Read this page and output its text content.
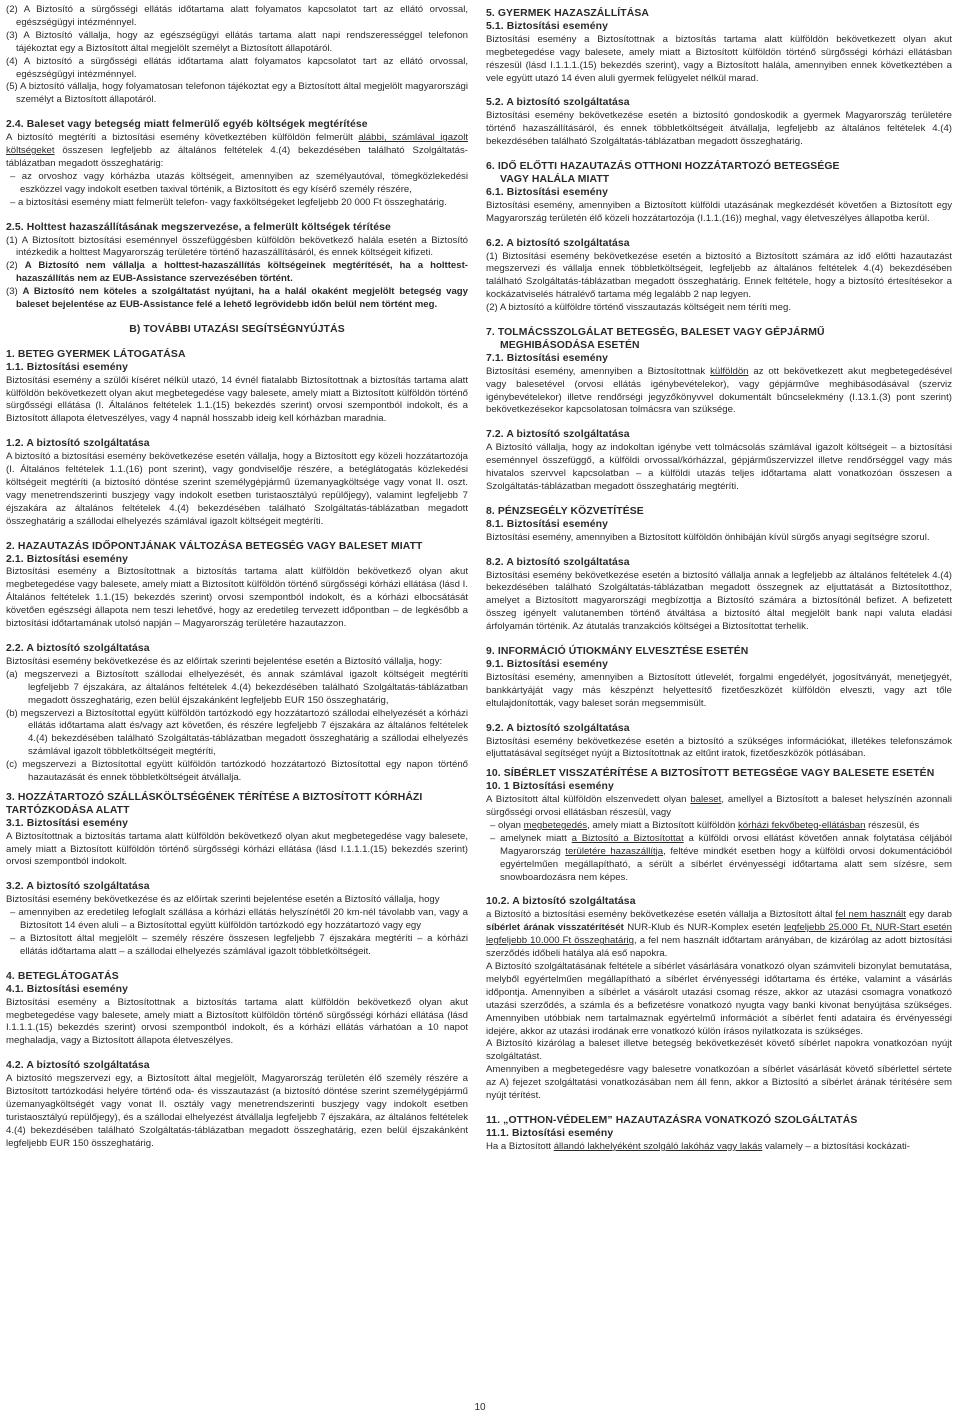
(2) A Biztosító a sürgősségi ellátás időtartama alatt folyamatos kapcsolatot tart az ellátó orvossal, egészségügyi intézménnyel.

(3) A Biztosító vállalja, hogy az egészségügyi ellátás tartama alatt napi rendszerességgel telefonon tájékoztat egy a Biztosított által megjelölt személyt a Biztosított állapotáról.

(4) A biztosító a sürgősségi ellátás időtartama alatt folyamatos kapcsolatot tart az ellátó orvossal, egészségügyi intézménnyel.

(5) A biztosító vállalja, hogy folyamatosan telefonon tájékoztat egy a Biztosított által megjelölt magyarországi személyt a Biztosított állapotáról.

2.4. Baleset vagy betegség miatt felmerülő egyéb költségek megtérítése

A biztosító megtéríti a biztosítási esemény következtében külföldön felmerült alábbi, számlával igazolt költségeket összesen legfeljebb az általános feltételek 4.(4) bekezdésében található Szolgáltatás-táblázatban megadott összeghatárig:

– az orvoshoz vagy kórházba utazás költségeit, amennyiben az személyautóval, tömegközlekedési eszközzel vagy indokolt esetben taxival történik, a Biztosított és egy kísérő személy részére,

– a biztosítási esemény miatt felmerült telefon- vagy faxköltségeket legfeljebb 20 000 Ft összeghatárig.

2.5. Holttest hazaszállításának megszervezése, a felmerült költségek térítése

(1) A Biztosított biztosítási eseménnyel összefüggésben külföldön bekövetkező halála esetén a Biztosító intézkedik a holttest Magyarország területére történő hazaszállításáról, és ennek költségeit kifizeti.

(2) A Biztosító nem vállalja a holttest-hazaszállítás költségeinek megtérítését, ha a holttest-hazaszállítás nem az EUB-Assistance szervezésében történt.

(3) A Biztosító nem köteles a szolgáltatást nyújtani, ha a halál okaként megjelölt betegség vagy baleset bejelentése az EUB-Assistance felé a lehető legrövidebb időn belül nem történt meg.

B) TOVÁBBI UTAZÁSI SEGÍTSÉGNYÚJTÁS

1. BETEG GYERMEK LÁTOGATÁSA

1.1. Biztosítási esemény

Biztosítási esemény a szülői kíséret nélkül utazó, 14 évnél fiatalabb Biztosítottnak a biztosítás tartama alatt külföldön bekövetkezett olyan akut megbetegedése vagy balesete, amely miatt a Biztosított külföldön történő sürgősségi ellátása (I. Általános feltételek 1.1.(15) bekezdés szerint) orvosi szempontból indokolt, és a Biztosított állapota életveszélyes, vagy 4 napnál hosszabb ideig kell kórházban maradnia.

1.2. A biztosító szolgáltatása

A biztosító a biztosítási esemény bekövetkezése esetén vállalja, hogy a Biztosított egy közeli hozzátartozója (I. Általános feltételek 1.1.(16) pont szerint), vagy gondviselője részére, a betéglátogatás közlekedési költségeit megtéríti (a biztosító döntése szerint személygépjármű üzemanyagköltsége vagy vonat II. oszt. vagy menetrendszerinti buszjegy vagy indokolt esetben turistaosztályú repülőjegy), valamint legfeljebb 7 éjszakára az általános feltételek 4.(4) bekezdésében található Szolgáltatás-táblázatban megadott összeghatárig a szállodai elhelyezés számlával igazolt költségeit megtéríti.

2. HAZAUTAZÁS IDŐPONTJÁNAK VÁLTOZÁSA BETEGSÉG VAGY BALESET MIATT

2.1. Biztosítási esemény

Biztosítási esemény a Biztosítottnak a biztosítás tartama alatt külföldön bekövetkező olyan akut megbetegedése vagy balesete, amely miatt a Biztosított külföldön történő sürgősségi kórházi ellátása (lásd I. Általános feltételek 1.1.(15) bekezdés szerint) orvosi szempontból indokolt, és a kórházi elbocsátását követően egészségi állapota nem teszi lehetővé, hogy az eredetileg tervezett időpontban – de legkésőbb a biztosítási időtartamának utolsó napján – Magyarország területére hazautazzon.

2.2. A biztosító szolgáltatása

Biztosítási esemény bekövetkezése és az előírtak szerinti bejelentése esetén a Biztosító vállalja, hogy:

(a) megszervezi a Biztosított szállodai elhelyezését, és annak számlával igazolt költségeit megtéríti legfeljebb 7 éjszakára, az általános feltételek 4.(4) bekezdésében található Szolgáltatás-táblázatban megadott összeghatárig, ezen belül éjszakánként legfeljebb EUR 150 összeghatárig,

(b) megszervezi a Biztosítottal együtt külföldön tartózkodó egy hozzátartozó szállodai elhelyezését a kórházi ellátás időtartama alatt és/vagy azt követően, és részére legfeljebb 7 éjszakára az általános feltételek 4.(4) bekezdésében található Szolgáltatás-táblázatban megadott összeghatárig a szállodai elhelyezés számlával igazolt többletköltségeit megtéríti,

(c) megszervezi a Biztosítottal együtt külföldön tartózkodó hozzátartozó Biztosítottal egy napon történő hazautazását és ennek többletköltségeit átvállalja.

3. HOZZÁTARTOZÓ SZÁLLÁSKÖLTSÉGÉNEK TÉRÍTÉSE A BIZTOSÍTOTT KÓRHÁZI

TARTÓZKODÁSA ALATT

3.1. Biztosítási esemény

A Biztosítottnak a biztosítás tartama alatt külföldön bekövetkező olyan akut megbetegedése vagy balesete, amely miatt a Biztosított külföldön történő sürgősségi kórházi ellátása (lásd I.1.1.1.(15) bekezdés szerint) orvosi szempontból indokolt.

3.2. A biztosító szolgáltatása

Biztosítási esemény bekövetkezése és az előírtak szerinti bejelentése esetén a Biztosító vállalja, hogy

– amennyiben az eredetileg lefoglalt szállása a kórházi ellátás helyszínétől 20 km-nél távolabb van, vagy a Biztosított 14 éven aluli – a Biztosítottal együtt külföldön tartózkodó egy hozzátartozó vagy egy

– a Biztosított által megjelölt – személy részére összesen legfeljebb 7 éjszakára megtéríti – a kórházi ellátás időtartama alatt – a szállodai elhelyezés számlával igazolt többletköltségeit.

4. BETEGLÁTOGATÁS

4.1. Biztosítási esemény

Biztosítási esemény a Biztosítottnak a biztosítás tartama alatt külföldön bekövetkező olyan akut megbetegedése vagy balesete, amely miatt a Biztosított külföldön történő sürgősségi kórházi ellátása (lásd I.1.1.1.(15) bekezdés szerint) orvosi szempontból indokolt, és a kórházi ellátás várhatóan a 10 napot meghaladja, vagy a Biztosított állapota életveszélyes.

4.2. A biztosító szolgáltatása

A biztosító megszervezi egy, a Biztosított által megjelölt, Magyarország területén élő személy részére a Biztosított tartózkodási helyére történő oda- és visszautazást (a biztosító döntése szerint személygépjármű üzemanyagköltségét vagy vonat II. osztály vagy menetrendszerinti buszjegy vagy indokolt esetben turistaosztályú repülőjegy), és a szállodai elhelyezést átvállalja legfeljebb 7 éjszakára, az általános feltételek 4.(4) bekezdésében található Szolgáltatás-táblázatban megadott összeghatárig, ezen belül éjszakánként legfeljebb EUR 150 összeghatárig.

5. GYERMEK HAZASZÁLLÍTÁSA

5.1. Biztosítási esemény

Biztosítási esemény a Biztosítottnak a biztosítás tartama alatt külföldön bekövetkezett olyan akut megbetegedése vagy balesete, amely miatt a Biztosított külföldön történő sürgősségi kórházi ellátásban részesül (lásd I.1.1.1.(15) bekezdés szerint), vagy a Biztosított halála, amennyiben ennek következtében a vele együtt utazó 14 éven aluli gyermek felügyelet nélkül marad.

5.2. A biztosító szolgáltatása

Biztosítási esemény bekövetkezése esetén a biztosító gondoskodik a gyermek Magyarország területére történő hazaszállításáról, és ennek többletköltségeit átvállalja, legfeljebb az általános feltételek 4.(4) bekezdésében található Szolgáltatás-táblázatban megadott összeghatárig.

6. IDŐ ELŐTTI HAZAUTAZÁS OTTHONI HOZZÁTARTOZÓ BETEGSÉGE

VAGY HALÁLA MIATT

6.1. Biztosítási esemény

Biztosítási esemény, amennyiben a Biztosított külföldi utazásának megkezdését követően a Biztosított egy Magyarország területén élő közeli hozzátartozója (I.1.1.(16)) meghal, vagy életveszélyes állapotba kerül.

6.2. A biztosító szolgáltatása

(1) Biztosítási esemény bekövetkezése esetén a biztosító a Biztosított számára az idő előtti hazautazást megszervezi és vállalja ennek többletköltségeit, legfeljebb az általános feltételek 4.(4) bekezdésében található Szolgáltatás-táblázatban megadott összeghatárig. Ennek feltétele, hogy a biztosító értesítésekor a kockázatviselés hátralévő tartama még legalább 2 nap legyen.

(2) A biztosító a külföldre történő visszautazás költségeit nem téríti meg.

7. TOLMÁCSSZOLGÁLAT BETEGSÉG, BALESET VAGY GÉPJÁRMŰ

MEGHIBÁSODÁSA ESETÉN

7.1. Biztosítási esemény

Biztosítási esemény, amennyiben a Biztosítottnak külföldön az ott bekövetkezett akut megbetegedésével vagy balesetével (orvosi ellátás igénybevételekor), vagy gépjárműve meghibásodásával (szerviz igénybevételekor) illetve rendőrségi jegyzőkönyvvel dokumentált bűncselekmény (I.13.1.(3) pont szerint) bekövetkezésekor kapcsolatosan tolmácsra van szüksége.

7.2. A biztosító szolgáltatása

A Biztosító vállalja, hogy az indokoltan igénybe vett tolmácsolás számlával igazolt költségeit – a biztosítási eseménnyel összefüggő, a külföldi orvossal/kórházzal, gépjárműszervizzel illetve rendőrséggel vagy más hivatalos szervvel kapcsolatban – a külföldi utazás teljes időtartama alatt vonatkozóan összesen a Szolgáltatás-táblázatban megadott összeghatárig megtéríti.

8. PÉNZSEGÉLY KÖZVETÍTÉSE

8.1. Biztosítási esemény

Biztosítási esemény, amennyiben a Biztosított külföldön önhibáján kívül sürgős anyagi segítségre szorul.

8.2. A biztosító szolgáltatása

Biztosítási esemény bekövetkezése esetén a biztosító vállalja annak a legfeljebb az általános feltételek 4.(4) bekezdésében található Szolgáltatás-táblázatban megadott összegnek az eljuttatását a Biztosítotthoz, amelyet a Biztosított magyarországi megbízottja a Biztosító számára a biztosítónál befizet. A befizetett összeg igényelt valutanemben történő átváltása a biztosító által megjelölt bank napi valuta eladási árfolyamán történik. Az átutalás tranzakciós költségei a Biztosítottat terhelik.

9. INFORMÁCIÓ ÚTIOKMÁNY ELVESZTÉSE ESETÉN

9.1. Biztosítási esemény

Biztosítási esemény, amennyiben a Biztosított útlevelét, forgalmi engedélyét, jogosítványát, menetjegyét, bankkártyáját vagy más készpénzt helyettesítő fizetőeszközét külföldön elveszti, vagy azt tőle eltulajdonították, vagy baleset során megsemmisült.

9.2. A biztosító szolgáltatása

Biztosítási esemény bekövetkezése esetén a biztosító a szükséges információkat, illetékes telefonszámok eljuttatásával segítséget nyújt a Biztosítottnak az eltűnt iratok, fizetőeszközök pótlásában.

10. SÍBÉRLET VISSZATÉRÍTÉSE A BIZTOSÍTOTT BETEGSÉGE VAGY BALESETE ESETÉN

10. 1 Biztosítási esemény

A Biztosított által külföldön elszenvedett olyan baleset, amellyel a Biztosított a baleset helyszínén azonnali sürgősségi orvosi ellátásban részesül, vagy

– olyan megbetegedés, amely miatt a Biztosított külföldön kórházi fekvőbeteg-ellátásban részesül, és

– amelynek miatt a Biztosító a Biztosítottat a külföldi orvosi ellátást követően annak folytatása céljából Magyarország területére hazaszállítja, feltéve mindkét esetben hogy a külföldi orvosi dokumentációból egyértelműen megállapítható, a sérült a síbérlet érvényességi időtartama alatt sem sízésre, sem snowboardozásra nem képes.

10.2. A biztosító szolgáltatása

a Biztosító a biztosítási esemény bekövetkezése esetén vállalja a Biztosított által fel nem használt egy darab síbérlet árának visszatérítését NUR-Klub és NUR-Komplex esetén legfeljebb 25.000 Ft, NUR-Start esetén legfeljebb 10.000 Ft összeghatárig, a fel nem használt időtartam arányában, de kizárólag az adott biztosítási szerződés időbeli hatálya alá eső napokra.

A Biztosító szolgáltatásának feltétele a síbérlet vásárlására vonatkozó olyan számviteli bizonylat bemutatása, melyből egyértelműen megállapítható a síbérlet érvényességi időtartama és értéke, valamint a vásárlás időpontja. Amennyiben a síbérlet a vásárolt utazási csomag része, akkor az utazási csomagra vonatkozó utazási szerződés, a számla és a befizetésre vonatkozó nyugta vagy banki kivonat benyújtása szükséges. Amennyiben utóbbiak nem tartalmaznak egyértelmű információt a síbérlet fenti adataira és érvényességi idejére, akkor az utazási irodának erre vonatkozó külön írásos nyilatkozata is szükséges.

A Biztosító kizárólag a baleset illetve betegség bekövetkezését követő síbérlet napokra vonatkozóan nyújt szolgáltatást.

Amennyiben a megbetegedésre vagy balesetre vonatkozóan a síbérlet vásárlását követő síbérlettel sértete az A) fejezet szolgáltatási vonatkozásában nem áll fenn, akkor a Biztosító a síbérlet árának térítésére sem nyújt térítést.

11. „OTTHON-VÉDELEM” HAZAUTAZÁSRA VONATKOZÓ SZOLGÁLTATÁS

11.1. Biztosítási esemény

Ha a Biztosított állandó lakhelyéként szolgáló lakóház vagy lakás valamely – a biztosítási kockázati-

10
